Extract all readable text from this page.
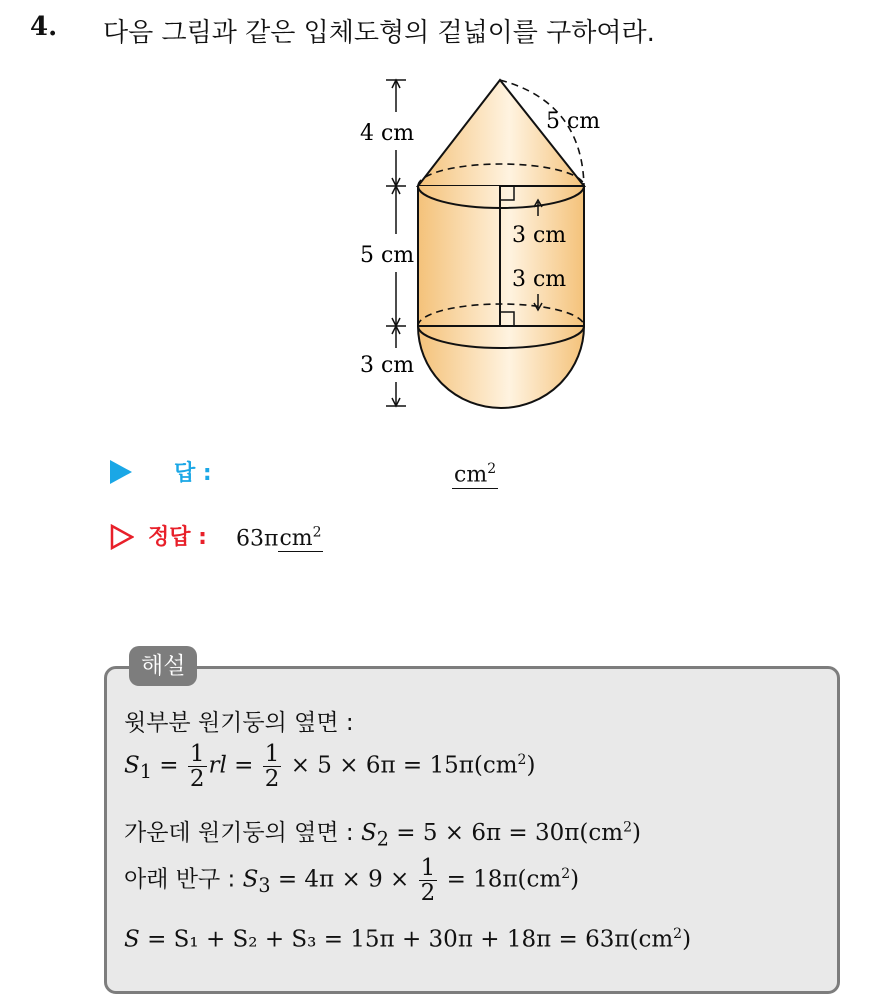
4. 다음 그림과 같은 입체도형의 겉넓이를 구하여라.
4 cm	5 cm
5 cm
3 cm
3 cm
3 cm
답 :	$cm^2$
정답 : 63πcm$^2$
해설
윗부분 원기둥의 옆면 :
$S_1 = \frac{1}{2}$ rl = $\frac{1}{2} \times 5 \times 6\pi = 15\pi(cm^2)$
가운데 원기둥의 옆면 : $S_2 = 5 \times 6\pi = 30\pi(cm^2)$
아래 반구 : $S_3 = 4\pi \times 9 \times \frac{1}{2} = 18\pi(cm^2)$
$S = S_1 + S_2 + S_3 = 15\pi + 30\pi + 18\pi = 63\pi(cm^2)$
